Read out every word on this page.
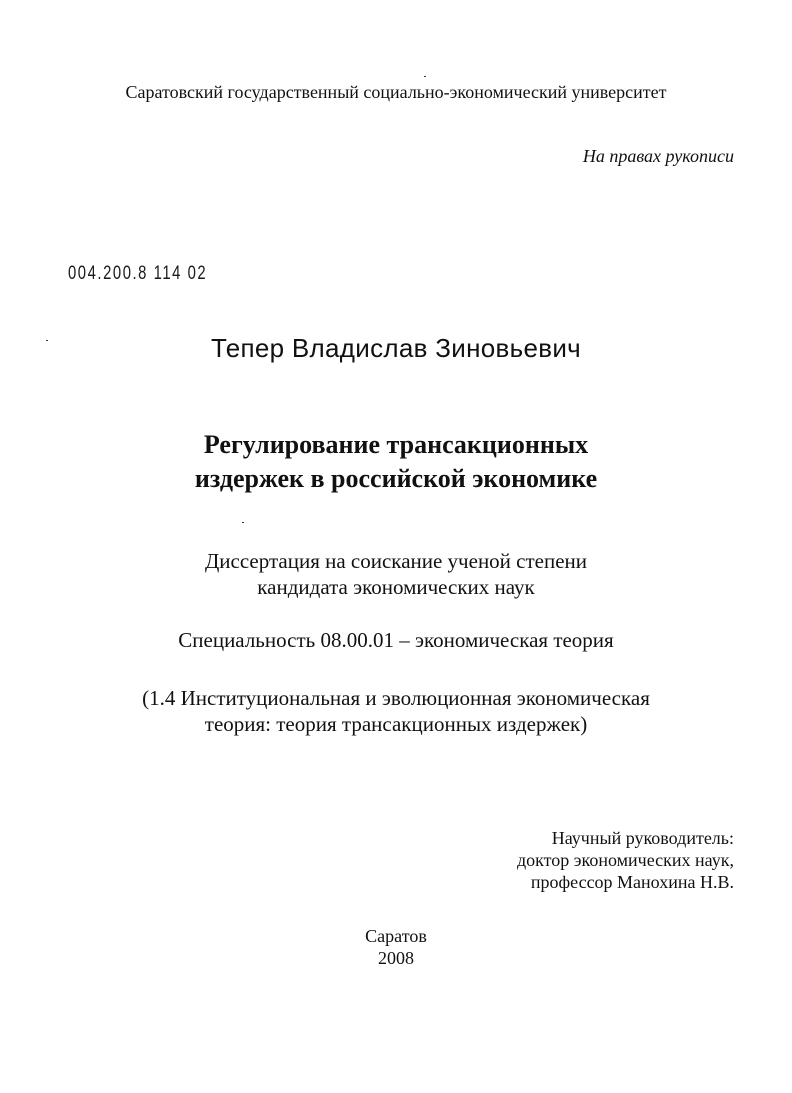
Саратовский государственный социально-экономический университет
На правах рукописи
004.200.8 114 02
Тепер Владислав Зиновьевич
Регулирование трансакционных
издержек в российской экономике
Диссертация на соискание ученой степени
кандидата экономических наук
Специальность 08.00.01 – экономическая теория
(1.4 Институциональная и эволюционная экономическая
теория: теория трансакционных издержек)
Научный руководитель:
доктор экономических наук,
профессор Манохина Н.В.
Саратов
2008
